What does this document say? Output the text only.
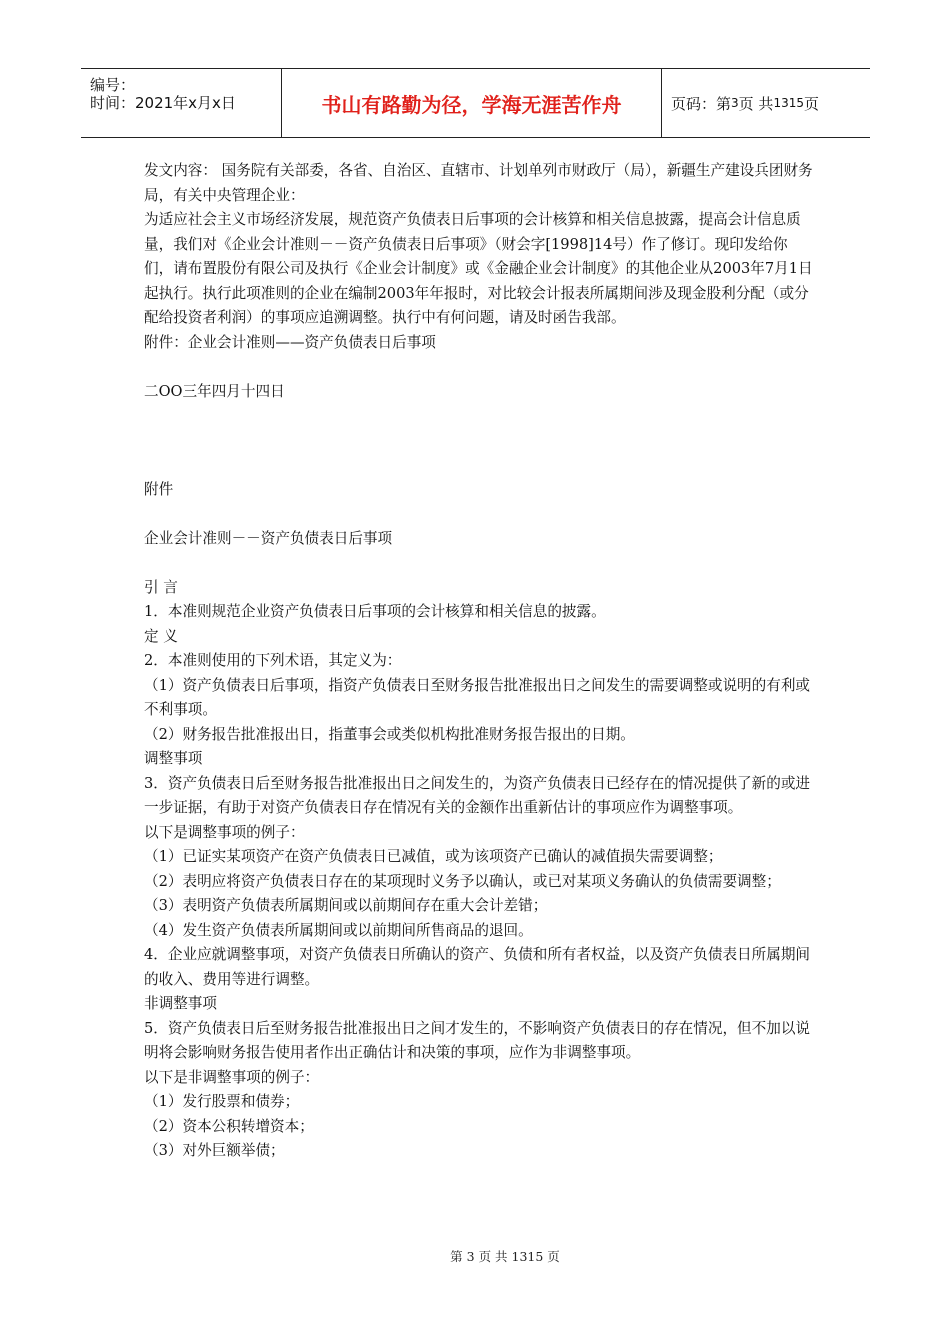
编号：
时间：2021年x月x日	书山有路勤为径，学海无涯苦作舟	页码：第 3 页 共 1315 页

发文内容： 国务院有关部委，各省、自治区、直辖市、计划单列市财政厅（局），新疆生产建设兵团财务局，有关中央管理企业：

为适应社会主义市场经济发展，规范资产负债表日后事项的会计核算和相关信息披露，提高会计信息质量，我们对《企业会计准则－－资产负债表日后事项》（财会字[1998]14号）作了修订。现印发给你们，请布置股份有限公司及执行《企业会计制度》或《金融企业会计制度》的其他企业从2003年7月1日起执行。执行此项准则的企业在编制2003年年报时，对比较会计报表所属期间涉及现金股利分配（或分配给投资者利润）的事项应追溯调整。执行中有何问题，请及时函告我部。

附件：企业会计准则——资产负债表日后事项

二OO三年四月十四日

附件

企业会计准则－－资产负债表日后事项

引 言

1．本准则规范企业资产负债表日后事项的会计核算和相关信息的披露。

定 义

2．本准则使用的下列术语，其定义为：

（1）资产负债表日后事项，指资产负债表日至财务报告批准报出日之间发生的需要调整或说明的有利或不利事项。

（2）财务报告批准报出日，指董事会或类似机构批准财务报告报出的日期。

调整事项

3．资产负债表日后至财务报告批准报出日之间发生的，为资产负债表日已经存在的情况提供了新的或进一步证据，有助于对资产负债表日存在情况有关的金额作出重新估计的事项应作为调整事项。

以下是调整事项的例子：

（1）已证实某项资产在资产负债表日已减值，或为该项资产已确认的减值损失需要调整；

（2）表明应将资产负债表日存在的某项现时义务予以确认，或已对某项义务确认的负债需要调整；

（3）表明资产负债表所属期间或以前期间存在重大会计差错；

（4）发生资产负债表所属期间或以前期间所售商品的退回。

4．企业应就调整事项，对资产负债表日所确认的资产、负债和所有者权益，以及资产负债表日所属期间的收入、费用等进行调整。

非调整事项

5．资产负债表日后至财务报告批准报出日之间才发生的，不影响资产负债表日的存在情况，但不加以说明将会影响财务报告使用者作出正确估计和决策的事项，应作为非调整事项。

以下是非调整事项的例子：

（1）发行股票和债券；

（2）资本公积转增资本；

（3）对外巨额举债；

第 3 页 共 1315 页
